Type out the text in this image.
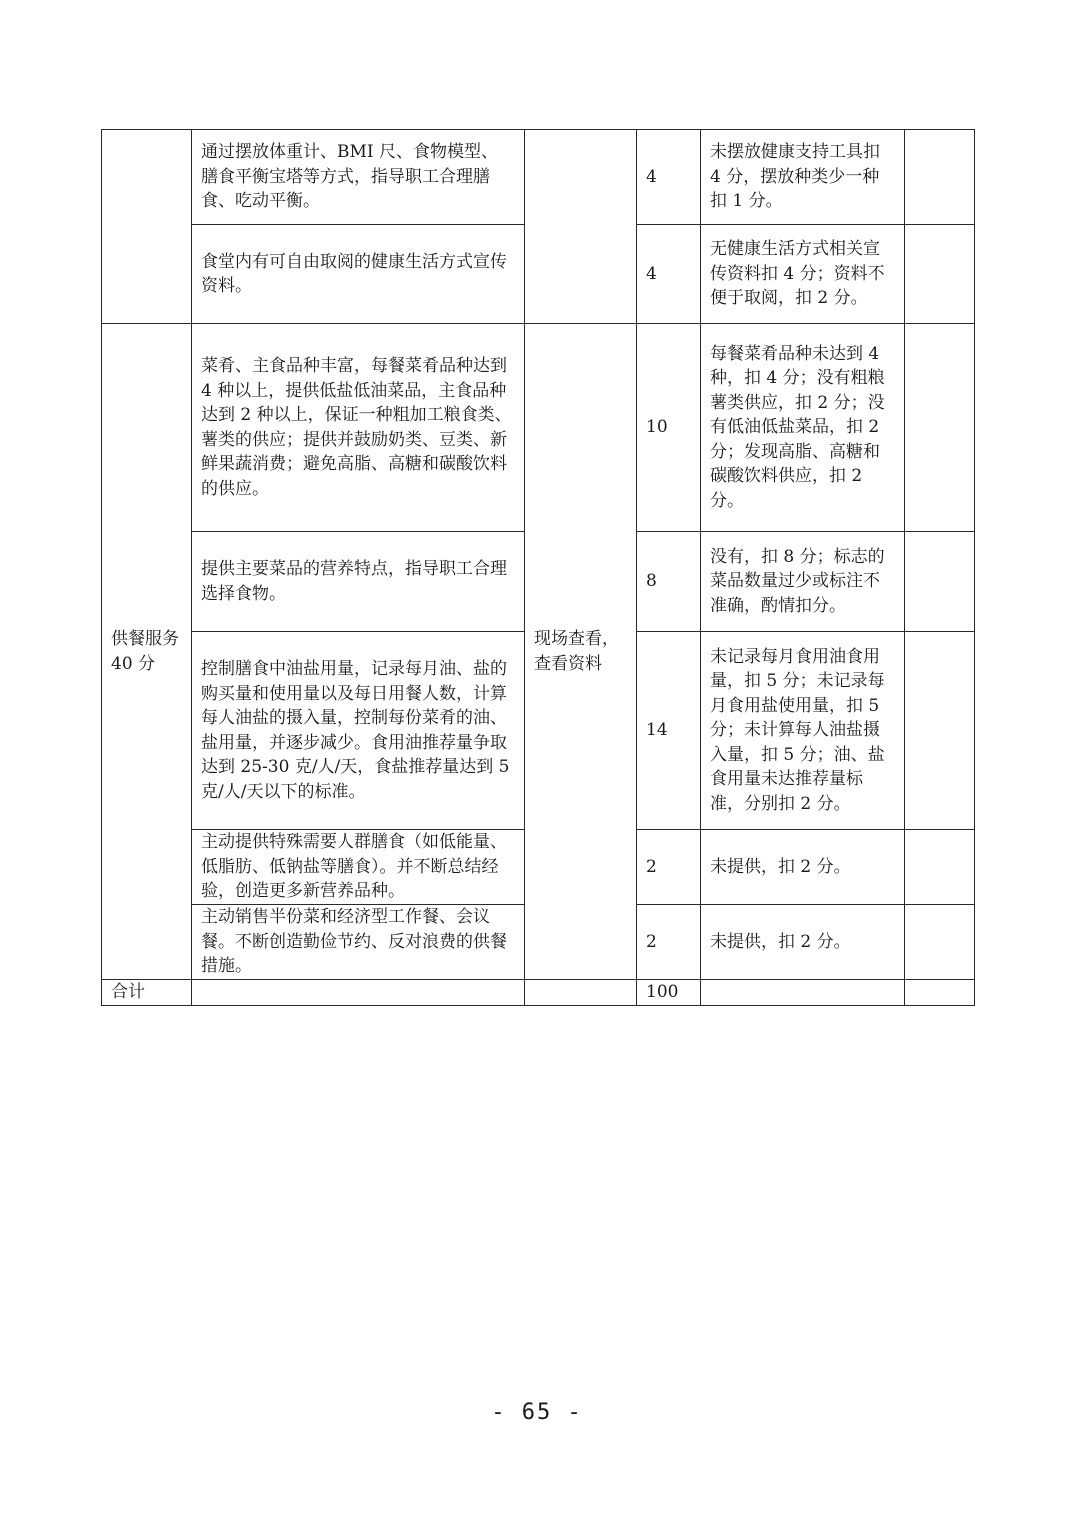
	通过摆放体重计、BMI 尺、食物模型、膳食平衡宝塔等方式，指导职工合理膳食、吃动平衡。		4	未摆放健康支持工具扣 4 分，摆放种类少一种扣 1 分。	
	食堂内有可自由取阅的健康生活方式宣传资料。		4	无健康生活方式相关宣传资料扣 4 分；资料不便于取阅，扣 2 分。	
供餐服务 40 分	菜肴、主食品种丰富，每餐菜肴品种达到 4 种以上，提供低盐低油菜品，主食品种达到 2 种以上，保证一种粗加工粮食类、薯类的供应；提供并鼓励奶类、豆类、新鲜果蔬消费；避免高脂、高糖和碳酸饮料的供应。	现场查看，查看资料	10	每餐菜肴品种未达到 4 种，扣 4 分；没有粗粮薯类供应，扣 2 分；没有低油低盐菜品，扣 2 分；发现高脂、高糖和碳酸饮料供应，扣 2 分。	
	提供主要菜品的营养特点，指导职工合理选择食物。		8	没有，扣 8 分；标志的菜品数量过少或标注不准确，酌情扣分。	
	控制膳食中油盐用量，记录每月油、盐的购买量和使用量以及每日用餐人数，计算每人油盐的摄入量，控制每份菜肴的油、盐用量，并逐步减少。食用油推荐量争取达到 25-30 克/人/天，食盐推荐量达到 5 克/人/天以下的标准。		14	未记录每月食用油食用量，扣 5 分；未记录每月食用盐使用量，扣 5 分；未计算每人油盐摄入量，扣 5 分；油、盐食用量未达推荐量标准，分别扣 2 分。	
	主动提供特殊需要人群膳食（如低能量、低脂肪、低钠盐等膳食）。并不断总结经验，创造更多新营养品种。		2	未提供，扣 2 分。	
	主动销售半份菜和经济型工作餐、会议餐。不断创造勤俭节约、反对浪费的供餐措施。		2	未提供，扣 2 分。	
合计			100		
- 65 -
